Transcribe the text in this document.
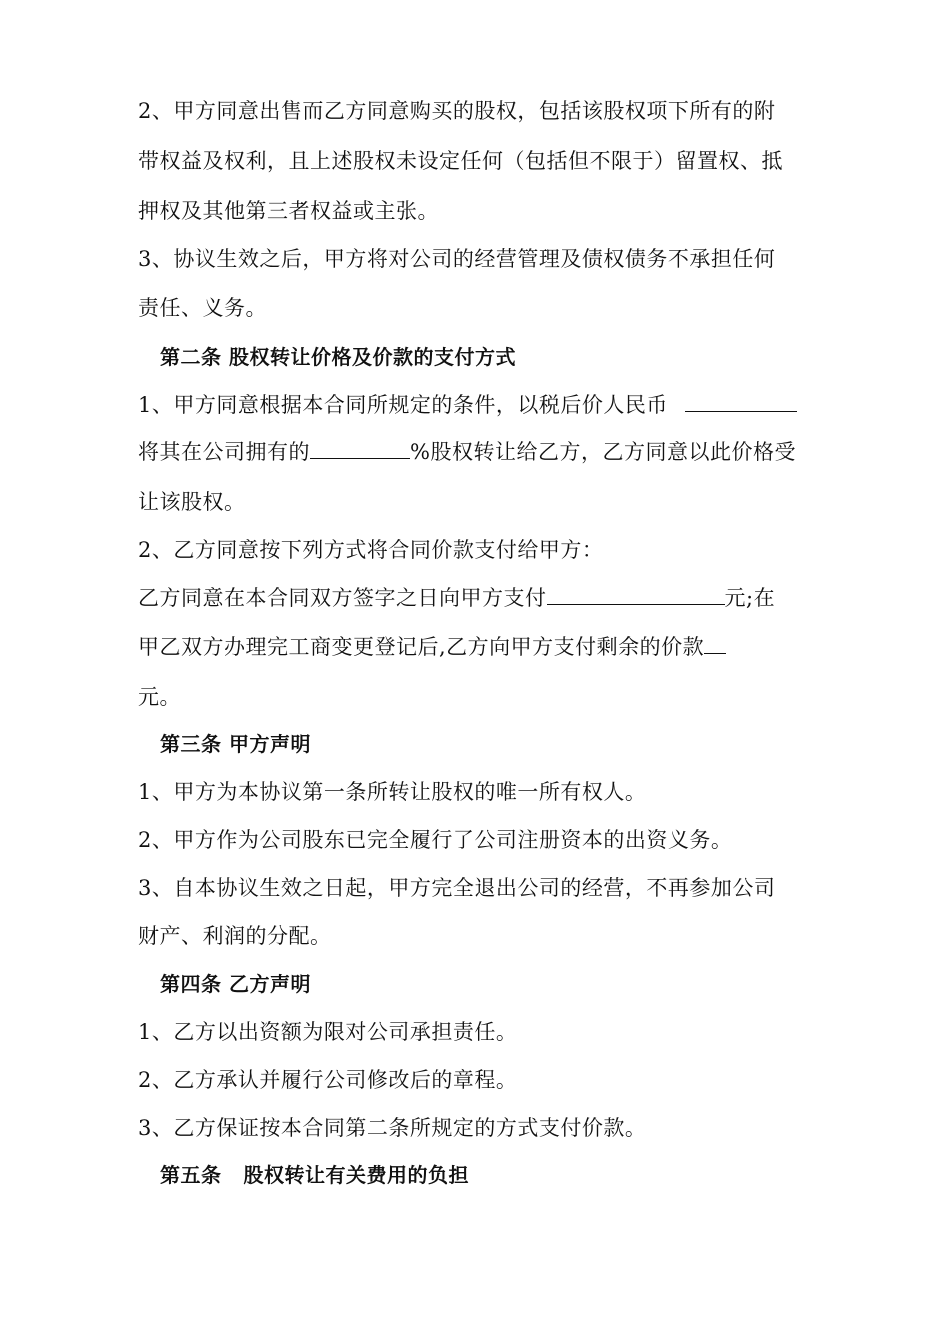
2、甲方同意出售而乙方同意购买的股权，包括该股权项下所有的附
带权益及权利，且上述股权未设定任何（包括但不限于）留置权、抵
押权及其他第三者权益或主张。
3、协议生效之后，甲方将对公司的经营管理及债权债务不承担任何
责任、义务。
第二条 股权转让价格及价款的支付方式
1、甲方同意根据本合同所规定的条件，以税后价人民币
将其在公司拥有的	%股权转让给乙方，乙方同意以此价格受
让该股权。
2、乙方同意按下列方式将合同价款支付给甲方：
乙方同意在本合同双方签字之日向甲方支付	元;在
甲乙双方办理完工商变更登记后,乙方向甲方支付剩余的价款
元。
第三条 甲方声明
1、甲方为本协议第一条所转让股权的唯一所有权人。
2、甲方作为公司股东已完全履行了公司注册资本的出资义务。
3、自本协议生效之日起，甲方完全退出公司的经营，不再参加公司
财产、利润的分配。
第四条 乙方声明
1、乙方以出资额为限对公司承担责任。
2、乙方承认并履行公司修改后的章程。
3、乙方保证按本合同第二条所规定的方式支付价款。
第五条 股权转让有关费用的负担
